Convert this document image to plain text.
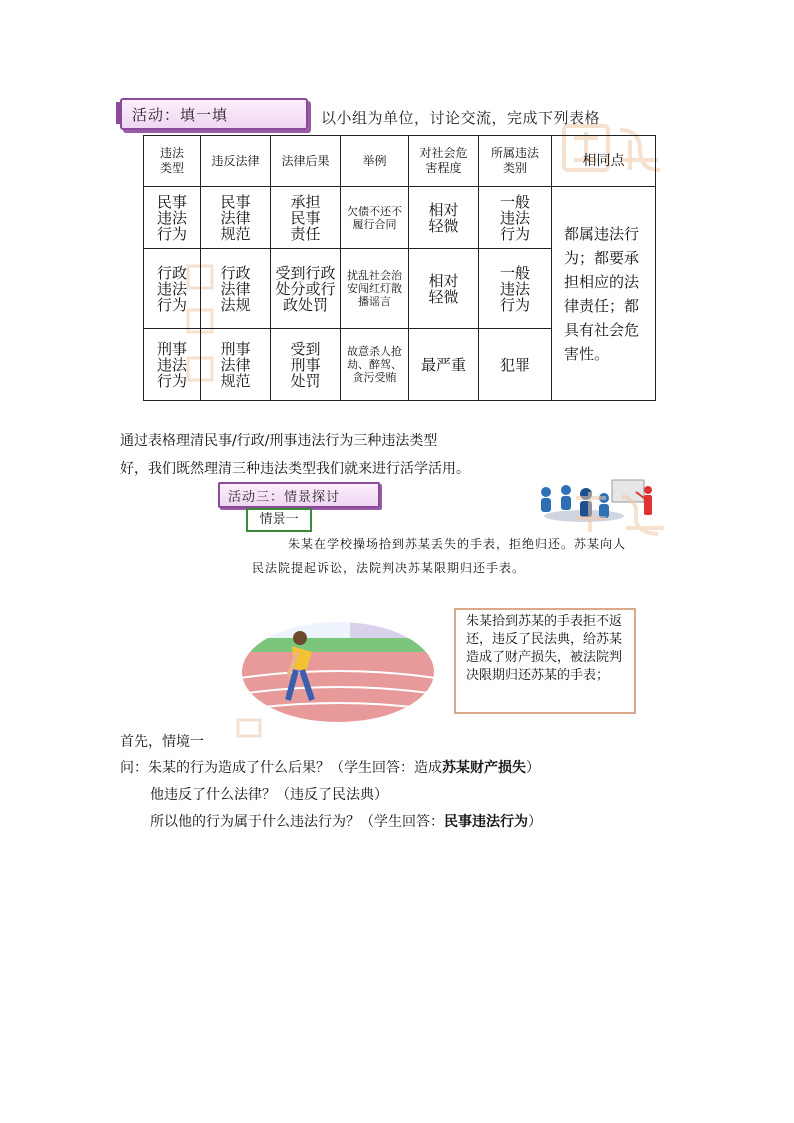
活动：填一填	以小组为单位，讨论交流，完成下列表格
违法类型	违反法律	法律后果	举例	对社会危害程度	所属违法类别	相同点
民事违法行为	民事法律规范	承担民事责任	欠债不还不履行合同	相对轻微	一般违法行为	都属违法行为；都要承担相应的法律责任；都具有社会危害性。
行政违法行为	行政法律法规	受到行政处分或行政处罚	扰乱社会治安闯红灯散播谣言	相对轻微	一般违法行为	
刑事违法行为	刑事法律规范	受到刑事处罚	故意杀人抢劫、醉驾、贪污受贿	最严重	犯罪	
通过表格理清民事/行政/刑事违法行为三种违法类型
好，我们既然理清三种违法类型我们就来进行活学活用。
活动三：情景探讨
情景一
朱某在学校操场拾到苏某丢失的手表，拒绝归还。苏某向人民法院提起诉讼，法院判决苏某限期归还手表。
朱某拾到苏某的手表拒不返还，违反了民法典，给苏某造成了财产损失，被法院判决限期归还苏某的手表；
首先，情境一
问：朱某的行为造成了什么后果？（学生回答：造成苏某财产损失）
他违反了什么法律？（违反了民法典）
所以他的行为属于什么违法行为？（学生回答：民事违法行为）
